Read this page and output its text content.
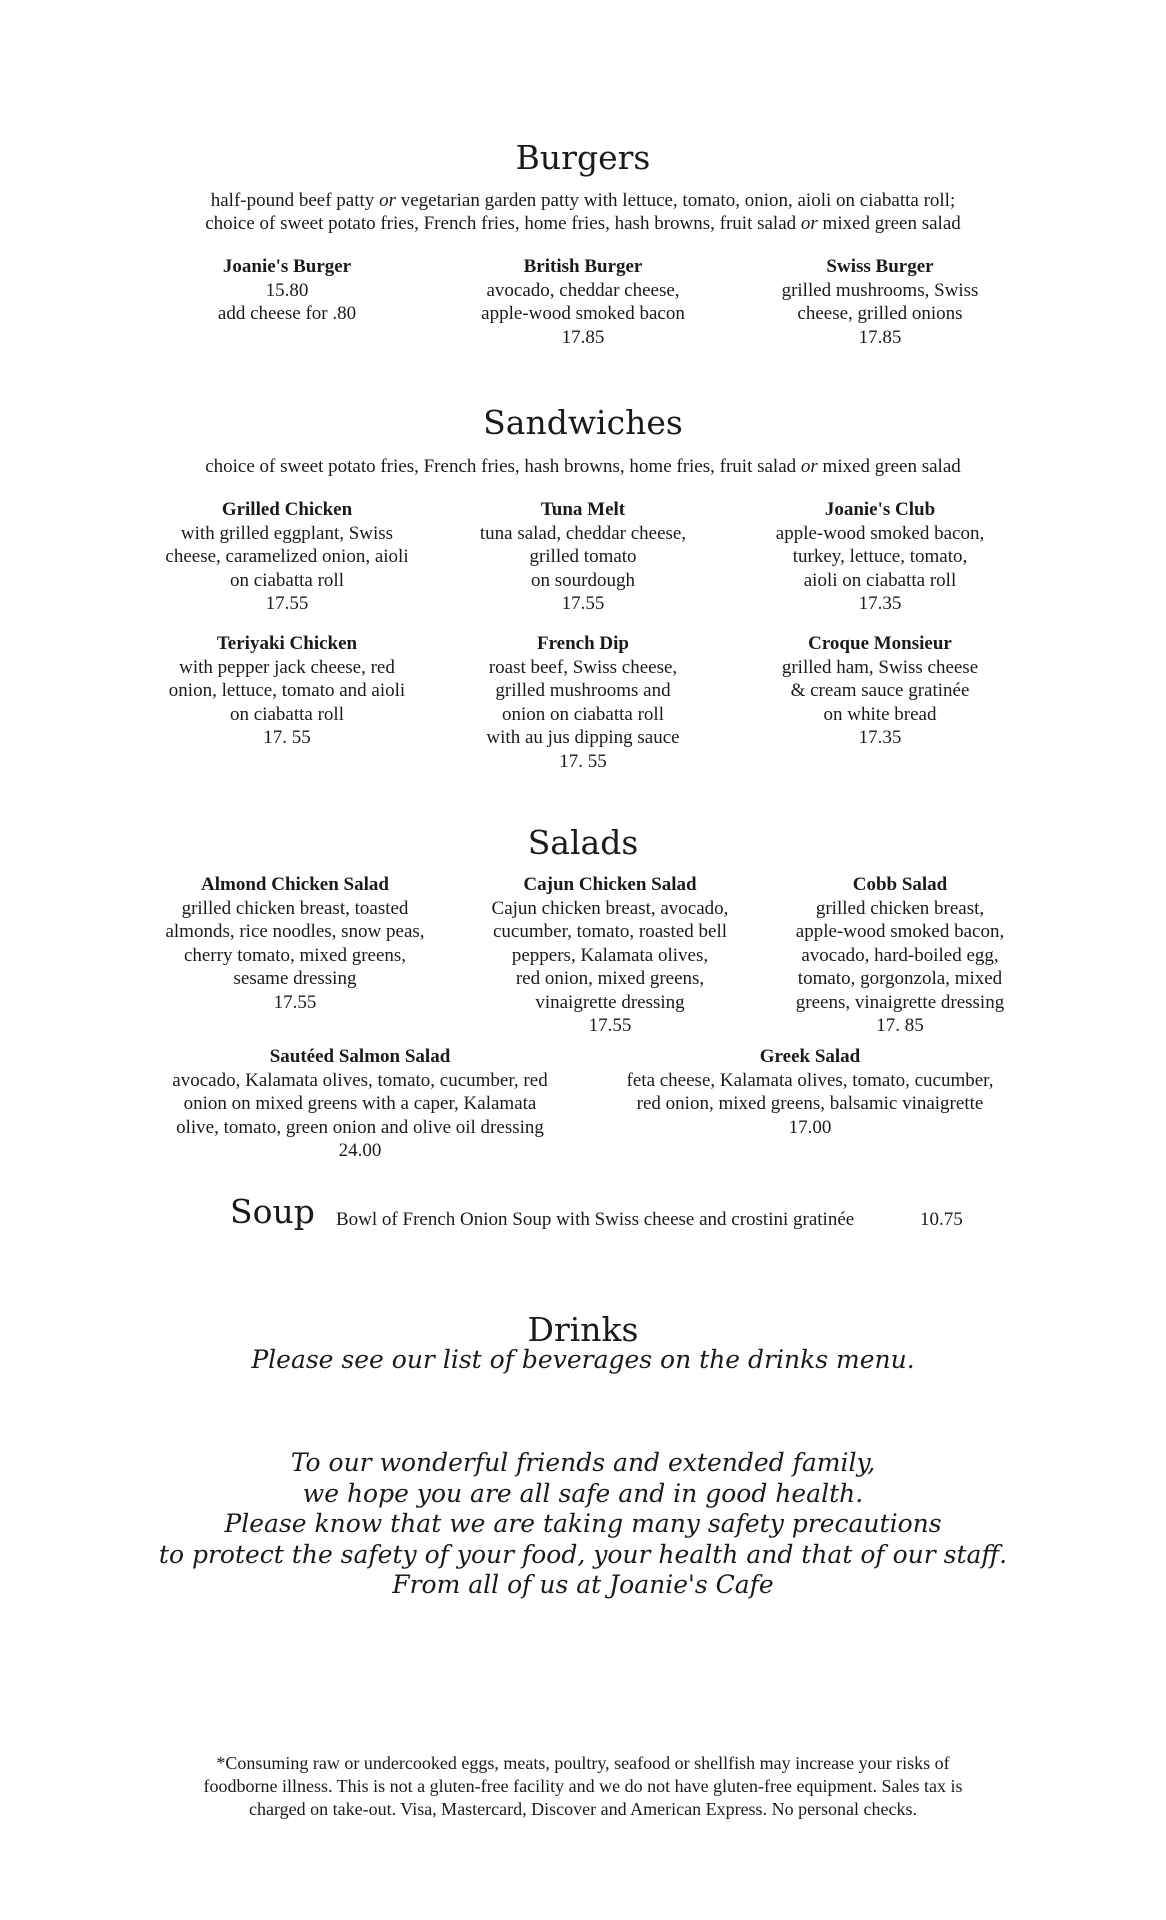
Burgers
half-pound beef patty or vegetarian garden patty with lettuce, tomato, onion, aioli on ciabatta roll;
choice of sweet potato fries, French fries, home fries, hash browns, fruit salad or mixed green salad
Joanie's Burger
15.80
add cheese for .80
British Burger
avocado, cheddar cheese,
apple-wood smoked bacon
17.85
Swiss Burger
grilled mushrooms, Swiss
cheese, grilled onions
17.85
Sandwiches
choice of sweet potato fries, French fries, hash browns, home fries, fruit salad or mixed green salad
Grilled Chicken
with grilled eggplant, Swiss
cheese, caramelized onion, aioli
on ciabatta roll
17.55
Tuna Melt
tuna salad, cheddar cheese,
grilled tomato
on sourdough
17.55
Joanie's Club
apple-wood smoked bacon,
turkey, lettuce, tomato,
aioli on ciabatta roll
17.35
Teriyaki Chicken
with pepper jack cheese, red
onion, lettuce, tomato and aioli
on ciabatta roll
17. 55
French Dip
roast beef, Swiss cheese,
grilled mushrooms and
onion on ciabatta roll
with au jus dipping sauce
17. 55
Croque Monsieur
grilled ham, Swiss cheese
& cream sauce gratinée
on white bread
17.35
Salads
Almond Chicken Salad
grilled chicken breast, toasted
almonds, rice noodles, snow peas,
cherry tomato, mixed greens,
sesame dressing
17.55
Cajun Chicken Salad
Cajun chicken breast, avocado,
cucumber, tomato, roasted bell
peppers, Kalamata olives,
red onion, mixed greens,
vinaigrette dressing
17.55
Cobb Salad
grilled chicken breast,
apple-wood smoked bacon,
avocado, hard-boiled egg,
tomato, gorgonzola, mixed
greens, vinaigrette dressing
17. 85
Sautéed Salmon Salad
avocado, Kalamata olives, tomato, cucumber, red
onion on mixed greens with a caper, Kalamata
olive, tomato, green onion and olive oil dressing
24.00
Greek Salad
feta cheese, Kalamata olives, tomato, cucumber,
red onion, mixed greens, balsamic vinaigrette
17.00
Soup Bowl of French Onion Soup with Swiss cheese and crostini gratinée	10.75
Drinks
Please see our list of beverages on the drinks menu.
To our wonderful friends and extended family,
we hope you are all safe and in good health.
Please know that we are taking many safety precautions
to protect the safety of your food, your health and that of our staff.
From all of us at Joanie's Cafe
*Consuming raw or undercooked eggs, meats, poultry, seafood or shellfish may increase your risks of
foodborne illness. This is not a gluten-free facility and we do not have gluten-free equipment. Sales tax is
charged on take-out. Visa, Mastercard, Discover and American Express. No personal checks.
